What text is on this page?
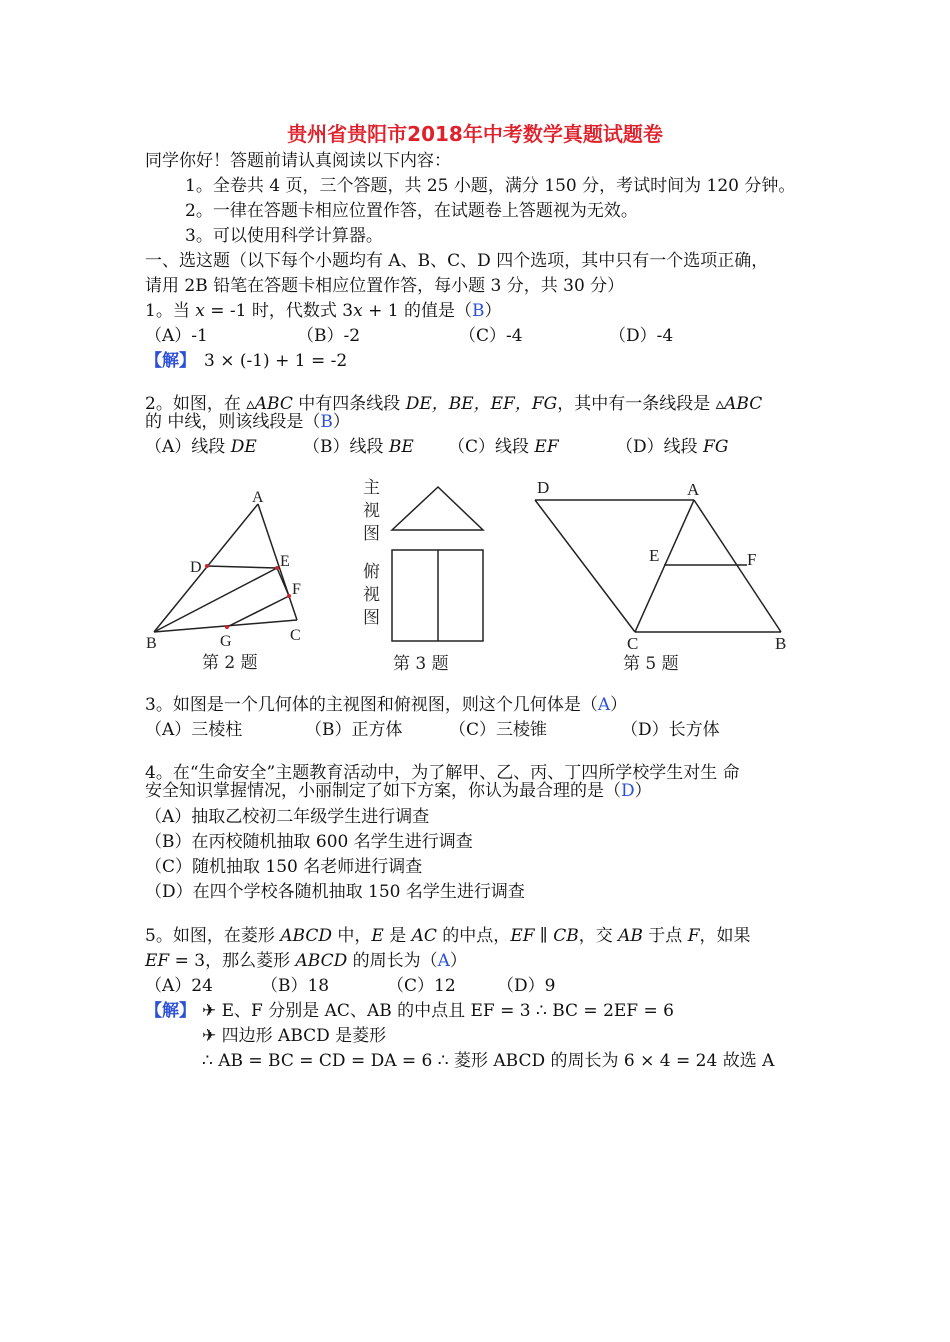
贵州省贵阳市2018年中考数学真题试题卷
同学你好！答题前请认真阅读以下内容：
1。全卷共 4 页，三个答题，共 25 小题，满分 150 分，考试时间为 120 分钟。
2。一律在答题卡相应位置作答，在试题卷上答题视为无效。
3。可以使用科学计算器。
一、选这题（以下每个小题均有 A、B、C、D 四个选项，其中只有一个选项正确，
请用 2B 铅笔在答题卡相应位置作答，每小题 3 分，共 30 分）
1。当 x = -1 时，代数式 3x + 1 的值是（B）
（A）-1	（B）-2	（C）-4	（D）-4
【解】 3 × (-1) + 1 = -2
2。如图，在 ▵ABC 中有四条线段 DE，BE，EF，FG，其中有一条线段是 ▵ABC
的 中线，则该线段是（B）
（A）线段 DE	（B）线段 BE （C）线段 EF	（D）线段 FG
A
B	C
D	E
F
G
第 2 题
主
视
图
俯
视
图
第 3 题
D	A
E	F
C	B
第 5 题
3。如图是一个几何体的主视图和俯视图，则这个几何体是（A）
（A）三棱柱	（B）正方体	（C）三棱锥	（D）长方体
4。在“生命安全”主题教育活动中，为了解甲、乙、丙、丁四所学校学生对生 命
安全知识掌握情况，小丽制定了如下方案，你认为最合理的是（D）
（A）抽取乙校初二年级学生进行调查
（B）在丙校随机抽取 600 名学生进行调查
（C）随机抽取 150 名老师进行调查
（D）在四个学校各随机抽取 150 名学生进行调查
5。如图，在菱形 ABCD 中，E 是 AC 的中点，EF ∥ CB，交 AB 于点 F，如果
EF = 3，那么菱形 ABCD 的周长为（A）
（A）24	（B）18	（C）12 （D）9
【解】 ✈ E、F 分别是 AC、AB 的中点且 EF = 3 ∴ BC = 2EF = 6
✈ 四边形 ABCD 是菱形
∴ AB = BC = CD = DA = 6 ∴ 菱形 ABCD 的周长为 6 × 4 = 24 故选 A
